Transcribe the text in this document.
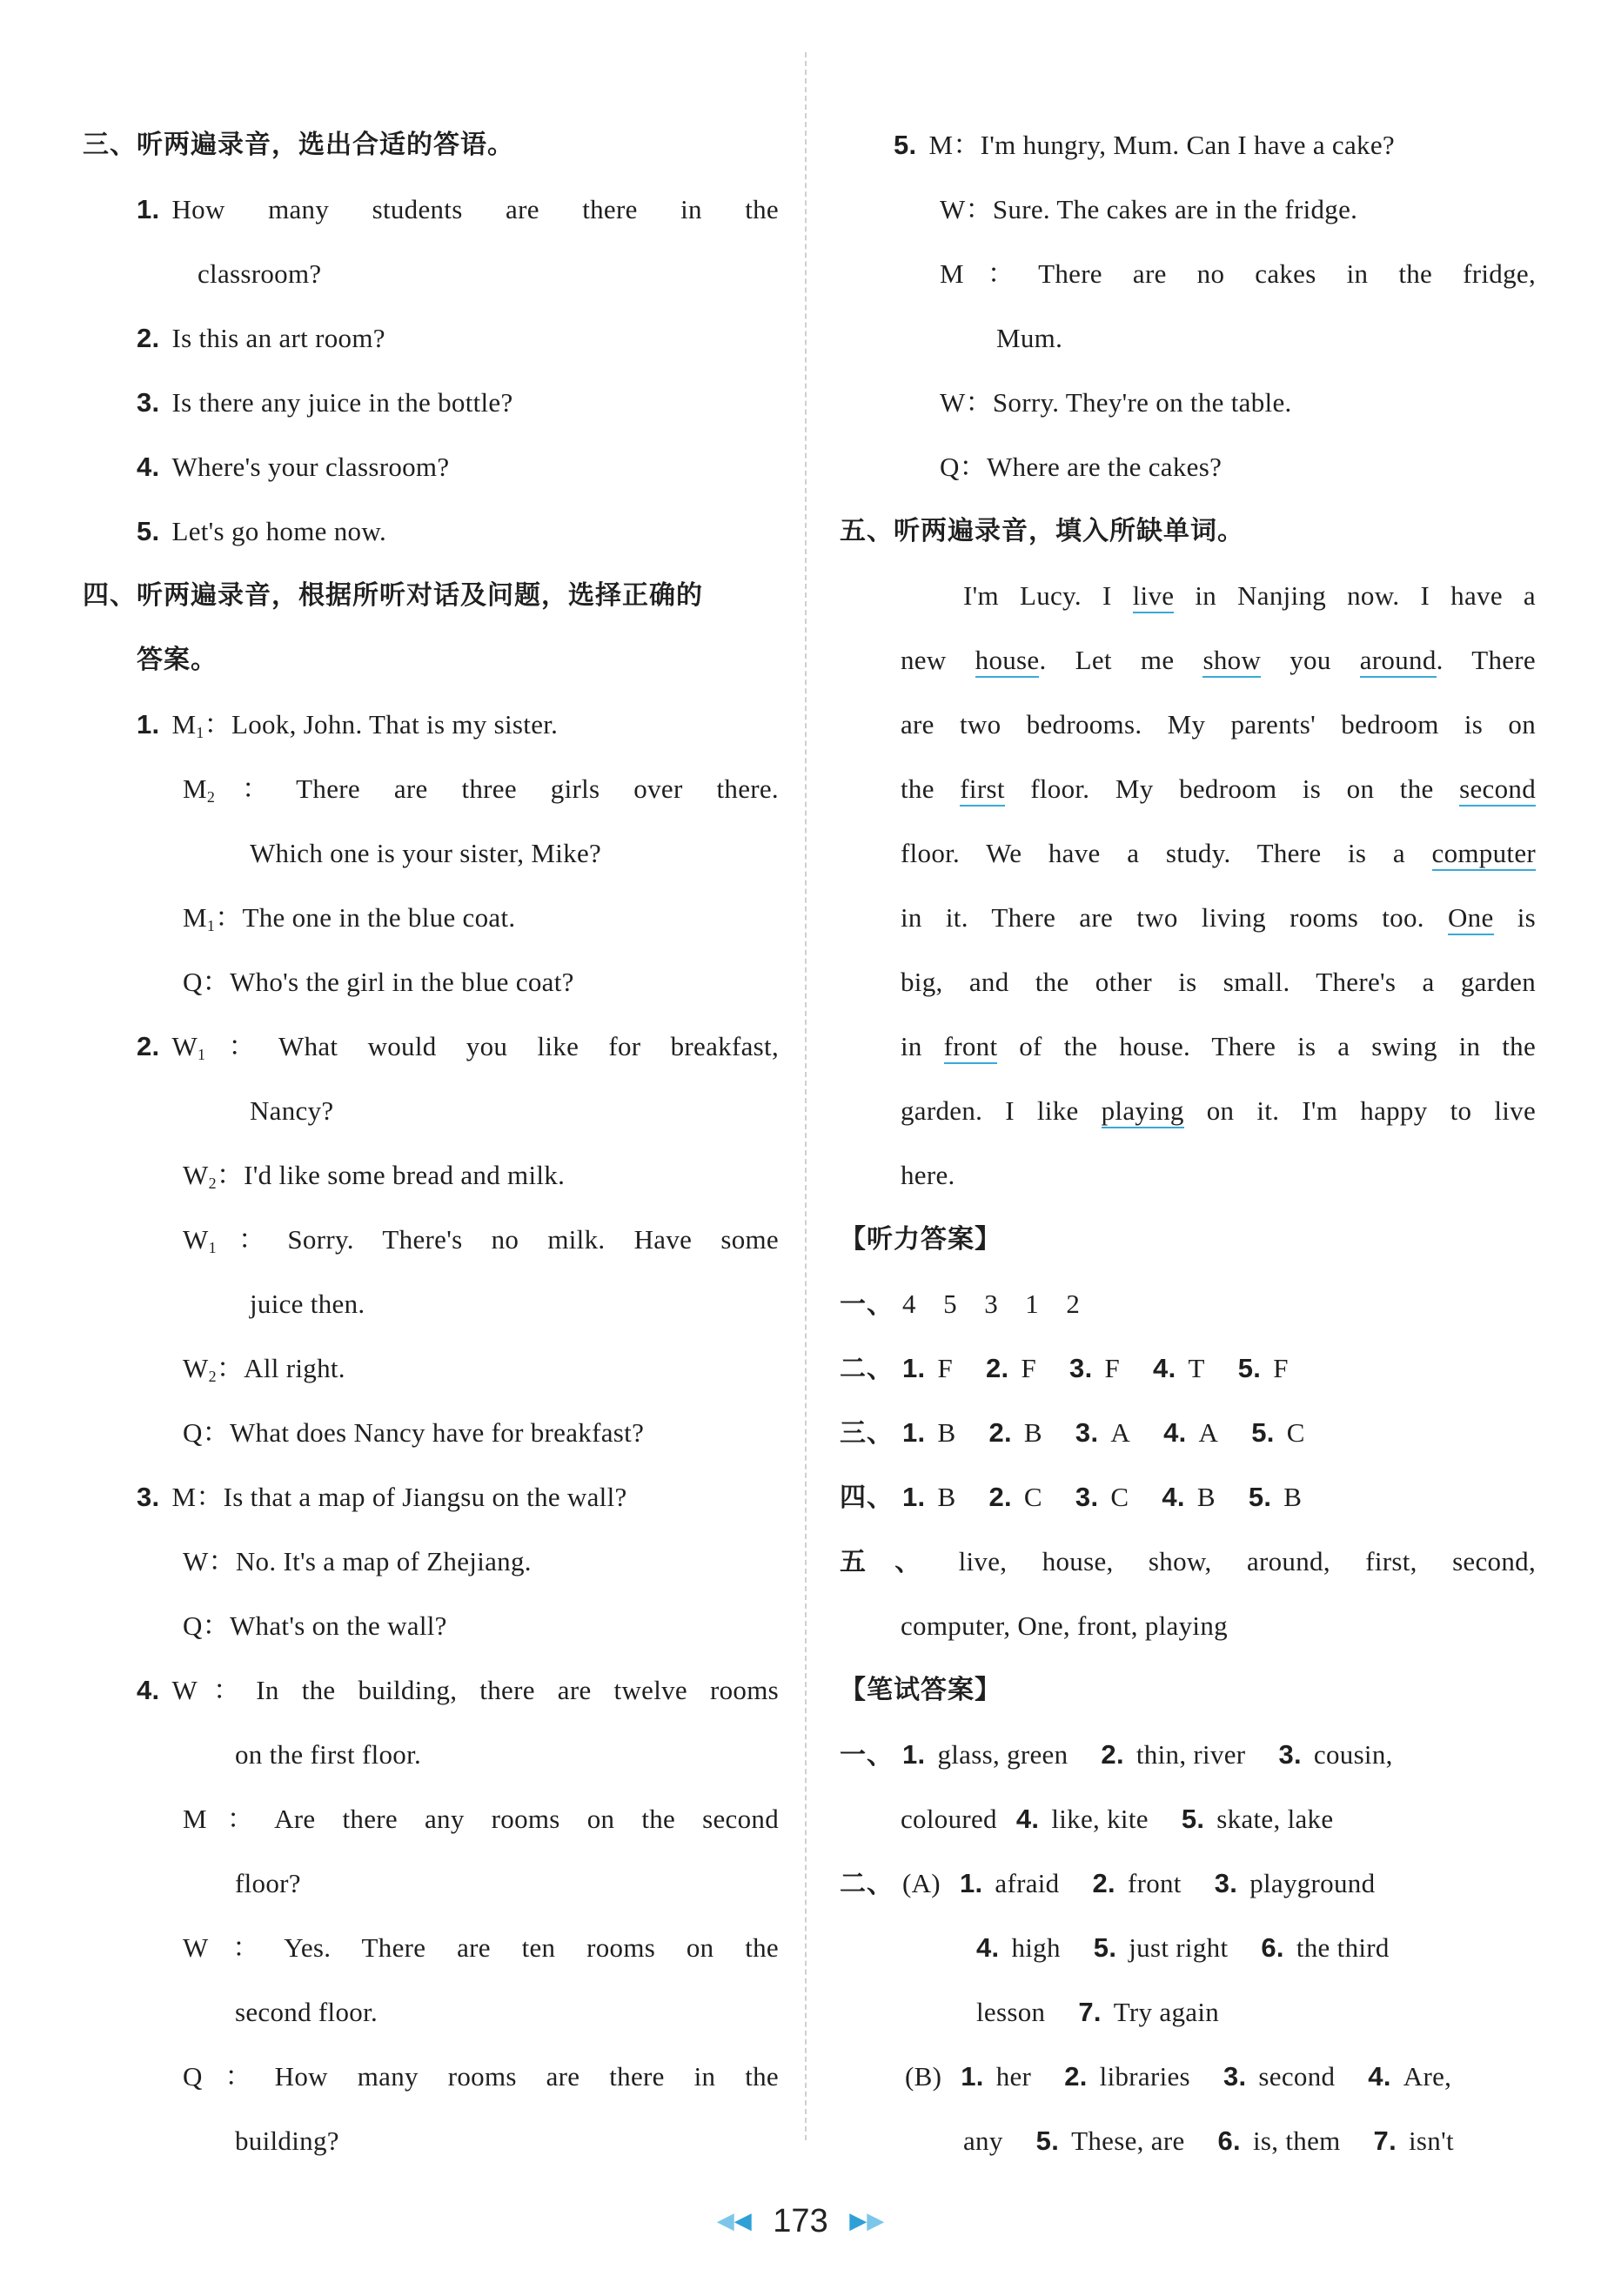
三、听两遍录音，选出合适的答语。
1. How many students are there in the
classroom?
2. Is this an art room?
3. Is there any juice in the bottle?
4. Where's your classroom?
5. Let's go home now.
四、听两遍录音，根据所听对话及问题，选择正确的
答案。
1. $M_1$：Look, John. That is my sister.
$M_2$：There are three girls over there.
Which one is your sister, Mike?
$M_1$：The one in the blue coat.
Q：Who's the girl in the blue coat?
2. $W_1$：What would you like for breakfast,
Nancy?
$W_2$：I'd like some bread and milk.
$W_1$：Sorry. There's no milk. Have some
juice then.
$W_2$：All right.
Q：What does Nancy have for breakfast?
3. M：Is that a map of Jiangsu on the wall?
W：No. It's a map of Zhejiang.
Q：What's on the wall?
4. W：In the building, there are twelve rooms
on the first floor.
M：Are there any rooms on the second
floor?
W：Yes. There are ten rooms on the
second floor.
Q：How many rooms are there in the
building?
5. M：I'm hungry, Mum. Can I have a cake?
W：Sure. The cakes are in the fridge.
M：There are no cakes in the fridge,
Mum.
W：Sorry. They're on the table.
Q：Where are the cakes?
五、听两遍录音，填入所缺单词。
I'm Lucy. I live in Nanjing now. I have a
new house. Let me show you around. There
are two bedrooms. My parents' bedroom is on
the first floor. My bedroom is on the second
floor. We have a study. There is a computer
in it. There are two living rooms too. One is
big, and the other is small. There's a garden
in front of the house. There is a swing in the
garden. I like playing on it. I'm happy to live
here.
【听力答案】
一、 4　5　3　1　2
二、 1. F 2. F 3. F 4. T 5. F
三、 1. B 2. B 3. A 4. A 5. C
四、 1. B 2. C 3. C 4. B 5. B
五、 live, house, show, around, first, second,
computer, One, front, playing
【笔试答案】
一、 1. glass, green 2. thin, river 3. cousin,
coloured 4. like, kite 5. skate, lake
二、 (A) 1. afraid 2. front 3. playground
4. high 5. just right 6. the third
lesson 7. Try again
(B) 1. her 2. libraries 3. second 4. Are,
any 5. These, are 6. is, them 7. isn't
◀◀ 173 ▶▶
